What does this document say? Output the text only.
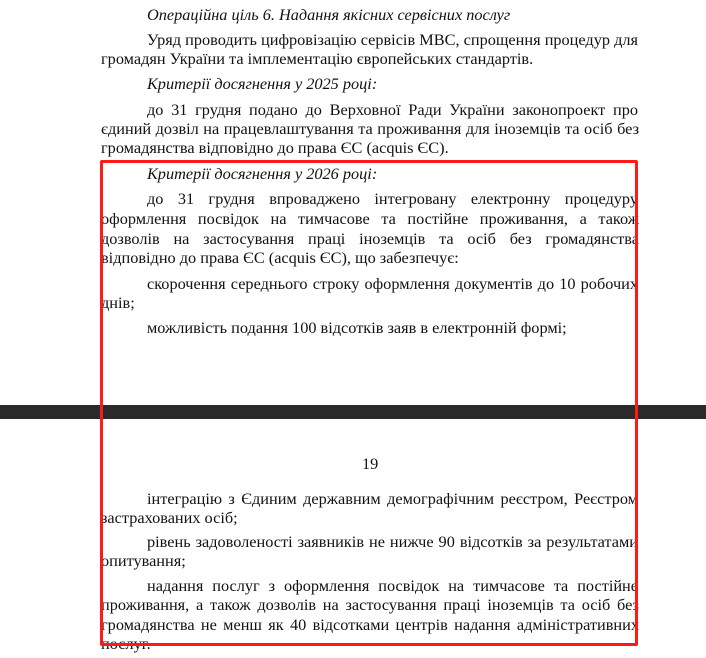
Операційна ціль 6. Надання якісних сервісних послуг
Уряд проводить цифровізацію сервісів МВС, спрощення процедур для
громадян України та імплементацію європейських стандартів.
Критерії досягнення у 2025 році:
до 31 грудня подано до Верховної Ради України законопроект про
єдиний дозвіл на працевлаштування та проживання для іноземців та осіб без
громадянства відповідно до права ЄС (acquis ЄС).
Критерії досягнення у 2026 році:
до 31 грудня впроваджено інтегровану електронну процедуру
оформлення посвідок на тимчасове та постійне проживання, а також
дозволів на застосування праці іноземців та осіб без громадянства
відповідно до права ЄС (acquis ЄС), що забезпечує:
скорочення середнього строку оформлення документів до 10 робочих
днів;
можливість подання 100 відсотків заяв в електронній формі;
19
інтеграцію з Єдиним державним демографічним реєстром, Реєстром
застрахованих осіб;
рівень задоволеності заявників не нижче 90 відсотків за результатами
опитування;
надання послуг з оформлення посвідок на тимчасове та постійне
проживання, а також дозволів на застосування праці іноземців та осіб без
громадянства не менш як 40 відсотками центрів надання адміністративних
послуг.
